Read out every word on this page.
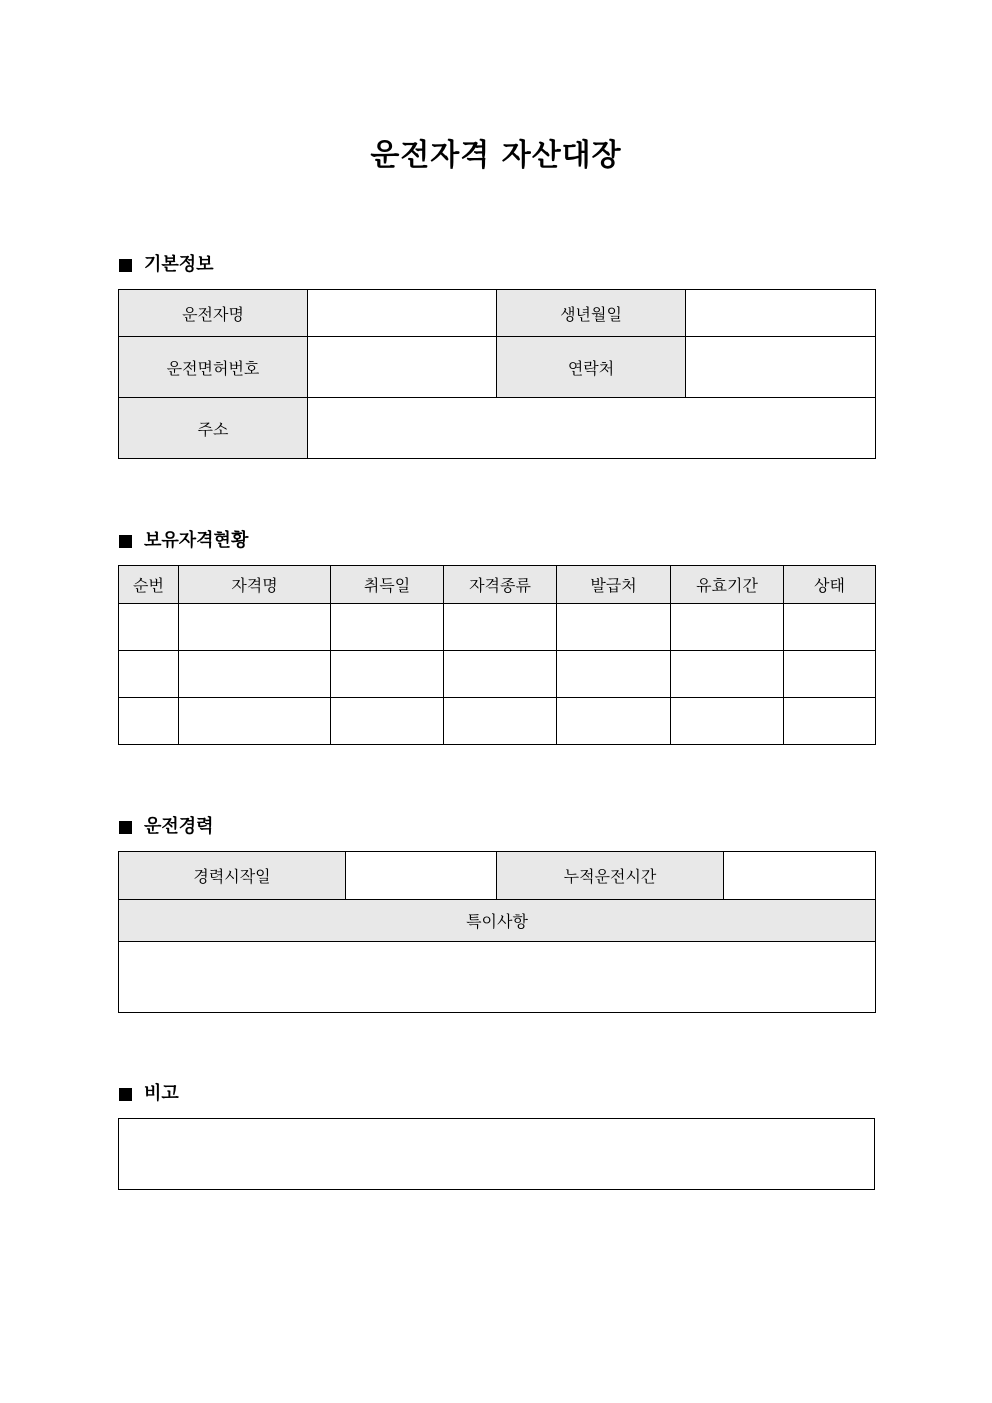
운전자격 자산대장
기본정보
운전자명		생년월일	
운전면허번호		연락처	
주소			
보유자격현황
순번	자격명	취득일	자격종류	발급처	유효기간	상태

운전경력
경력시작일		누적운전시간	
특이사항

비고
